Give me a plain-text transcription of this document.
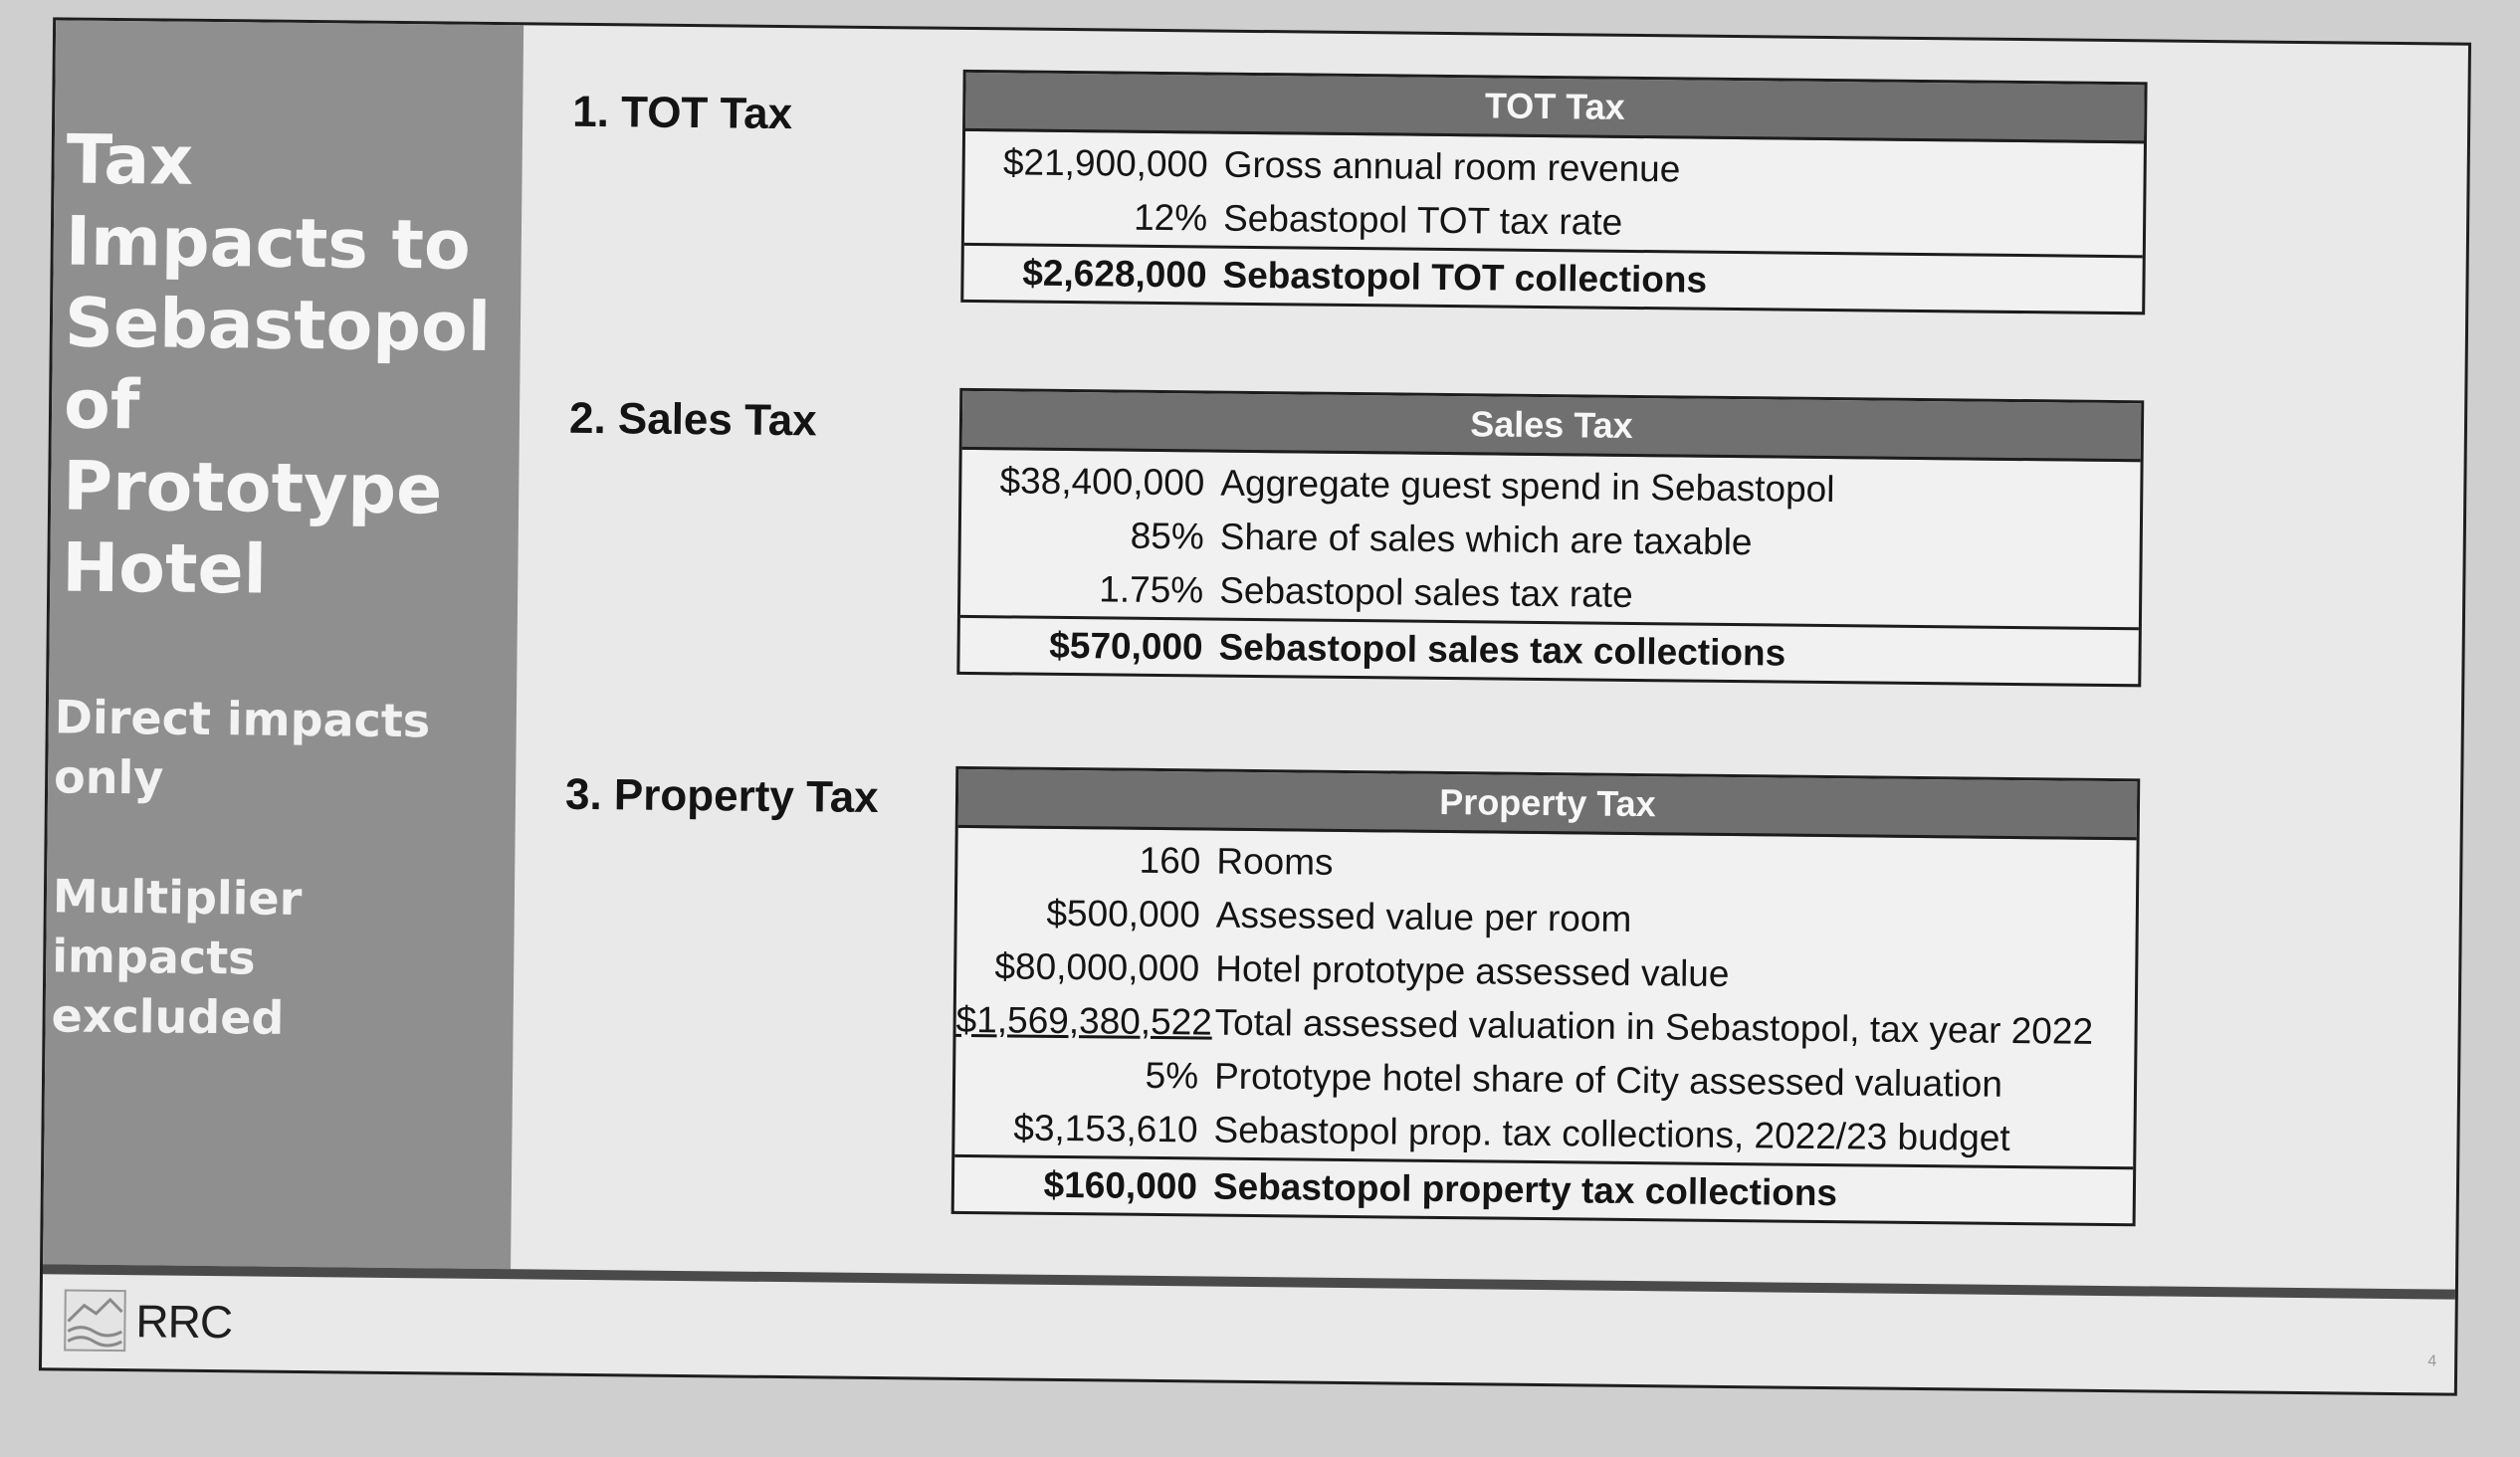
Tax Impacts to Sebastopol of Prototype Hotel
Direct impacts only
Multiplier impacts excluded
1. TOT Tax	TOT Tax
$21,900,000 Gross annual room revenue
12% Sebastopol TOT tax rate
$2,628,000 Sebastopol TOT collections
2. Sales Tax	Sales Tax
$38,400,000 Aggregate guest spend in Sebastopol
85% Share of sales which are taxable
1.75% Sebastopol sales tax rate
$570,000 Sebastopol sales tax collections
3. Property Tax	Property Tax
160 Rooms
$500,000 Assessed value per room
$80,000,000 Hotel prototype assessed value
$1,569,380,522 Total assessed valuation in Sebastopol, tax year 2022
5% Prototype hotel share of City assessed valuation
$3,153,610 Sebastopol prop. tax collections, 2022/23 budget
$160,000 Sebastopol property tax collections
RRC
4
